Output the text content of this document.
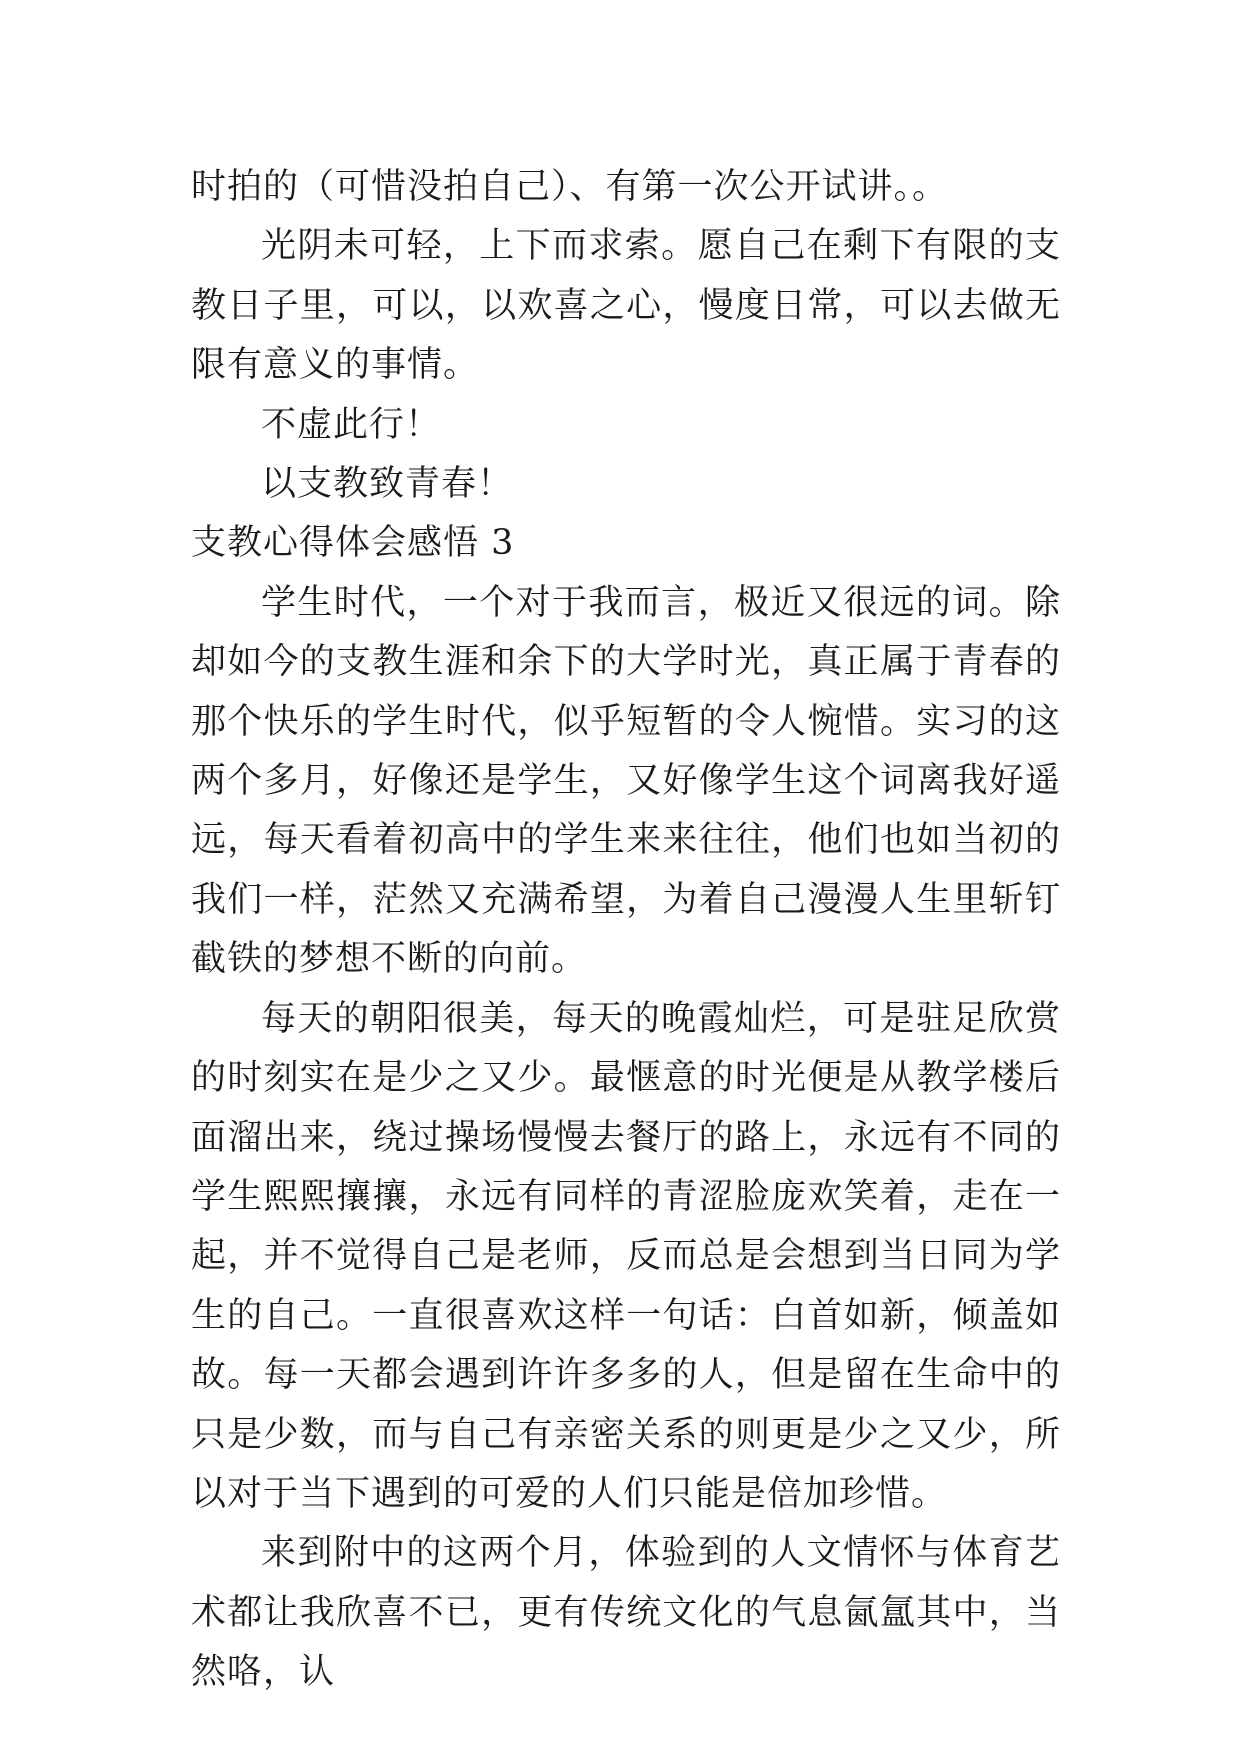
时拍的（可惜没拍自己）、有第一次公开试讲。。

光阴未可轻，上下而求索。愿自己在剩下有限的支教日子里，可以，以欢喜之心，慢度日常，可以去做无限有意义的事情。

不虚此行！

以支教致青春！

支教心得体会感悟 3

学生时代，一个对于我而言，极近又很远的词。除却如今的支教生涯和余下的大学时光，真正属于青春的那个快乐的学生时代，似乎短暂的令人惋惜。实习的这两个多月，好像还是学生，又好像学生这个词离我好遥远，每天看着初高中的学生来来往往，他们也如当初的我们一样，茫然又充满希望，为着自己漫漫人生里斩钉截铁的梦想不断的向前。

每天的朝阳很美，每天的晚霞灿烂，可是驻足欣赏的时刻实在是少之又少。最惬意的时光便是从教学楼后面溜出来，绕过操场慢慢去餐厅的路上，永远有不同的学生熙熙攘攘，永远有同样的青涩脸庞欢笑着，走在一起，并不觉得自己是老师，反而总是会想到当日同为学生的自己。一直很喜欢这样一句话：白首如新，倾盖如故。每一天都会遇到许许多多的人，但是留在生命中的只是少数，而与自己有亲密关系的则更是少之又少，所以对于当下遇到的可爱的人们只能是倍加珍惜。

来到附中的这两个月，体验到的人文情怀与体育艺术都让我欣喜不已，更有传统文化的气息氤氲其中，当然咯，认
